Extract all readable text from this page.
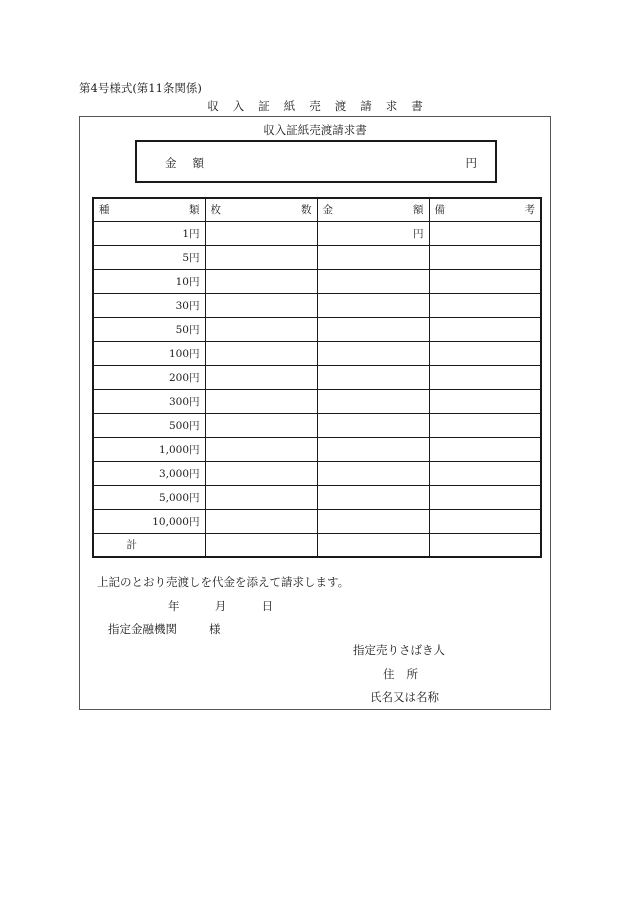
第4号様式(第11条関係)
収入証紙売渡請求書
収入証紙売渡請求書
金額	円
種 類	枚 数	金 額	備 考

1円		円	
5円			
10円			
30円			
50円			
100円			
200円			
300円			
500円			
1,000円			
3,000円			
5,000円			
10,000円			
計			
上記のとおり売渡しを代金を添えて請求します。
年	月	日
指定金融機関	様
指定売りさばき人
住所
氏名又は名称
